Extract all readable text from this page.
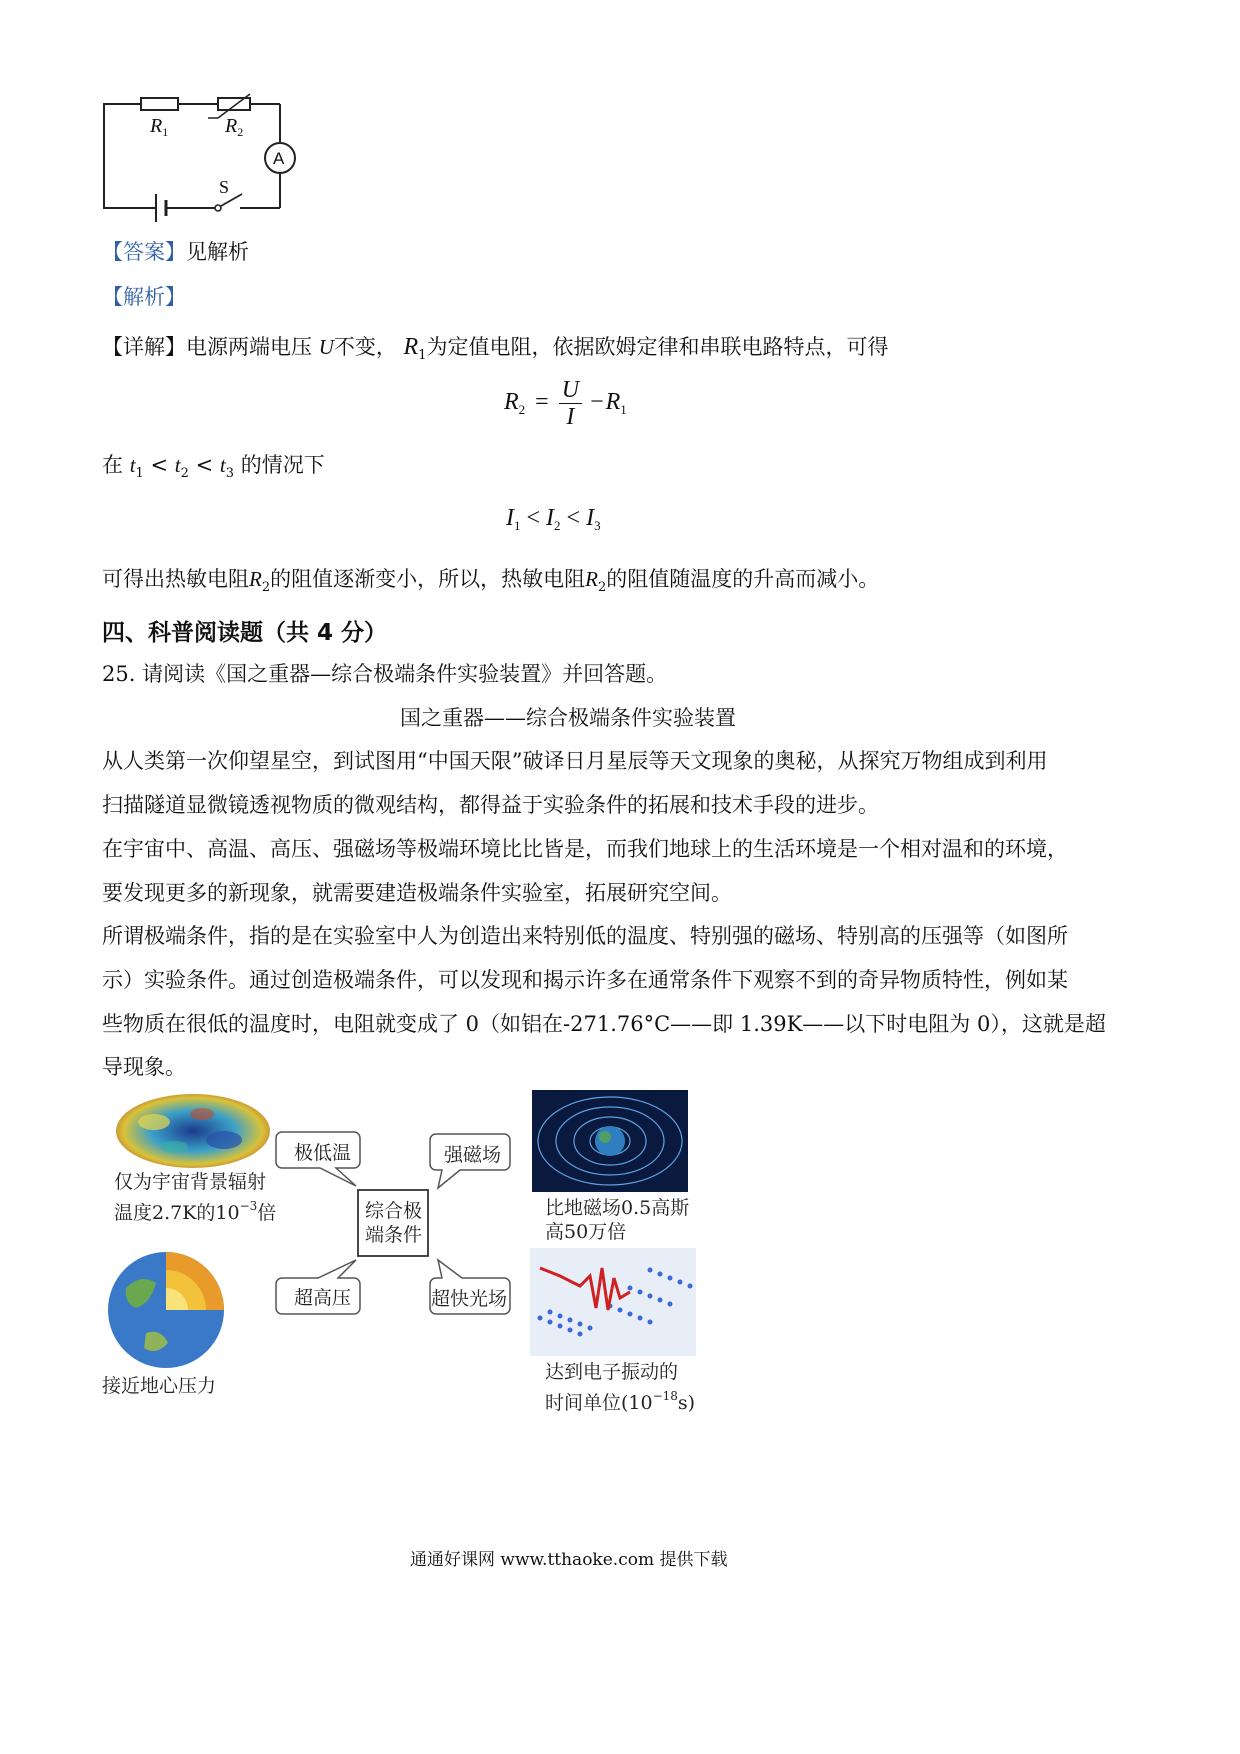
$R_1$	$R_2$
A
S
【答案】见解析
【解析】
【详解】电源两端电压 U不变， $R_1$为定值电阻，依据欧姆定律和串联电路特点，可得
$R_2 = \frac{U}{I} -R_1$
在 $t_1 < t_2 < t_3$ 的情况下
$I_1 < I_2 < I_3$
可得出热敏电阻$R_2$的阻值逐渐变小，所以，热敏电阻$R_2$的阻值随温度的升高而减小。
四、科普阅读题（共 4 分）
25. 请阅读《国之重器—综合极端条件实验装置》并回答题。
国之重器——综合极端条件实验装置
从人类第一次仰望星空，到试图用“中国天限”破译日月星辰等天文现象的奥秘，从探究万物组成到利用
扫描隧道显微镜透视物质的微观结构，都得益于实验条件的拓展和技术手段的进步。
在宇宙中、高温、高压、强磁场等极端环境比比皆是，而我们地球上的生活环境是一个相对温和的环境，
要发现更多的新现象，就需要建造极端条件实验室，拓展研究空间。
所谓极端条件，指的是在实验室中人为创造出来特别低的温度、特别强的磁场、特别高的压强等（如图所
示）实验条件。通过创造极端条件，可以发现和揭示许多在通常条件下观察不到的奇异物质特性，例如某
些物质在很低的温度时，电阻就变成了 0（如铝在-271.76°C——即 1.39K——以下时电阻为 0），这就是超
导现象。
仅为宇宙背景辐射
温度2.7K的$10^{-3}$倍	比地磁场0.5高斯
高50万倍
接近地心压力
达到电子振动的
时间单位$(10^{-18}s)$
极低温	强磁场
超高压	超快光场
综合极
端条件
通通好课网 www.tthaoke.com 提供下载
